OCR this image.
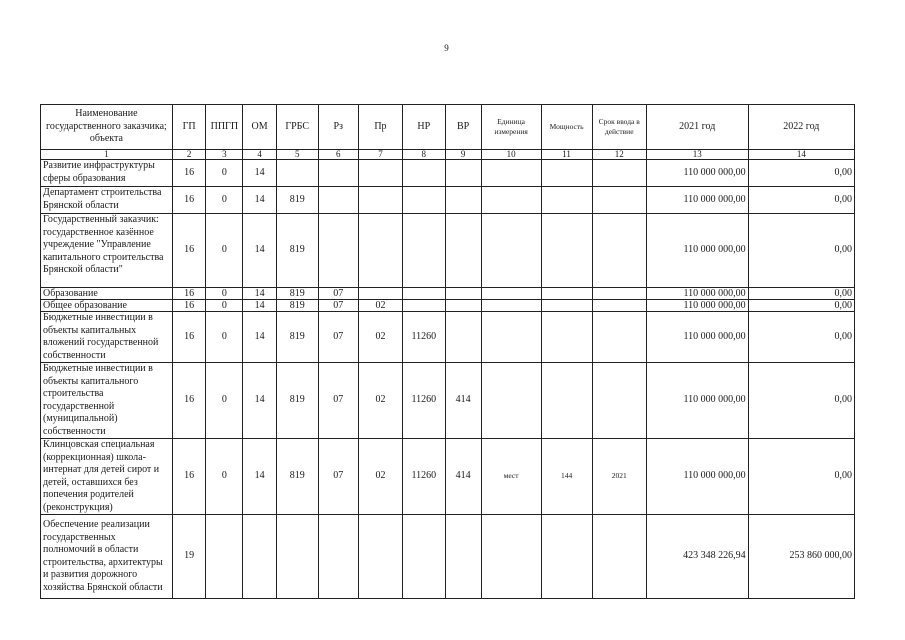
9
Наименование государственного заказчика; объекта	ГП	ППГП	ОМ	ГРБС	Рз	Пр	НР	ВР	Единица измерения	Мощность	Срок ввода в действие	2021 год	2022 год
1	2	3	4	5	6	7	8	9	10	11	12	13	14
Развитие инфраструктуры сферы образования	16	0	14									110 000 000,00	0,00
Департамент строительства Брянской области	16	0	14	819								110 000 000,00	0,00
Государственный заказчик: государственное казённое учреждение "Управление капитального строительства Брянской области"	16	0	14	819								110 000 000,00	0,00
Образование	16	0	14	819	07							110 000 000,00	0,00
Общее образование	16	0	14	819	07	02						110 000 000,00	0,00
Бюджетные инвестиции в объекты капитальных вложений государственной собственности	16	0	14	819	07	02	11260					110 000 000,00	0,00
Бюджетные инвестиции в объекты капитального строительства государственной (муниципальной) собственности	16	0	14	819	07	02	11260	414				110 000 000,00	0,00
Клинцовская специальная (коррекционная) школа-интернат для детей сирот и детей, оставшихся без попечения родителей (реконструкция)	16	0	14	819	07	02	11260	414	мест	144	2021	110 000 000,00	0,00
Обеспечение реализации государственных полномочий в области строительства, архитектуры и развития дорожного хозяйства Брянской области	19											423 348 226,94	253 860 000,00
